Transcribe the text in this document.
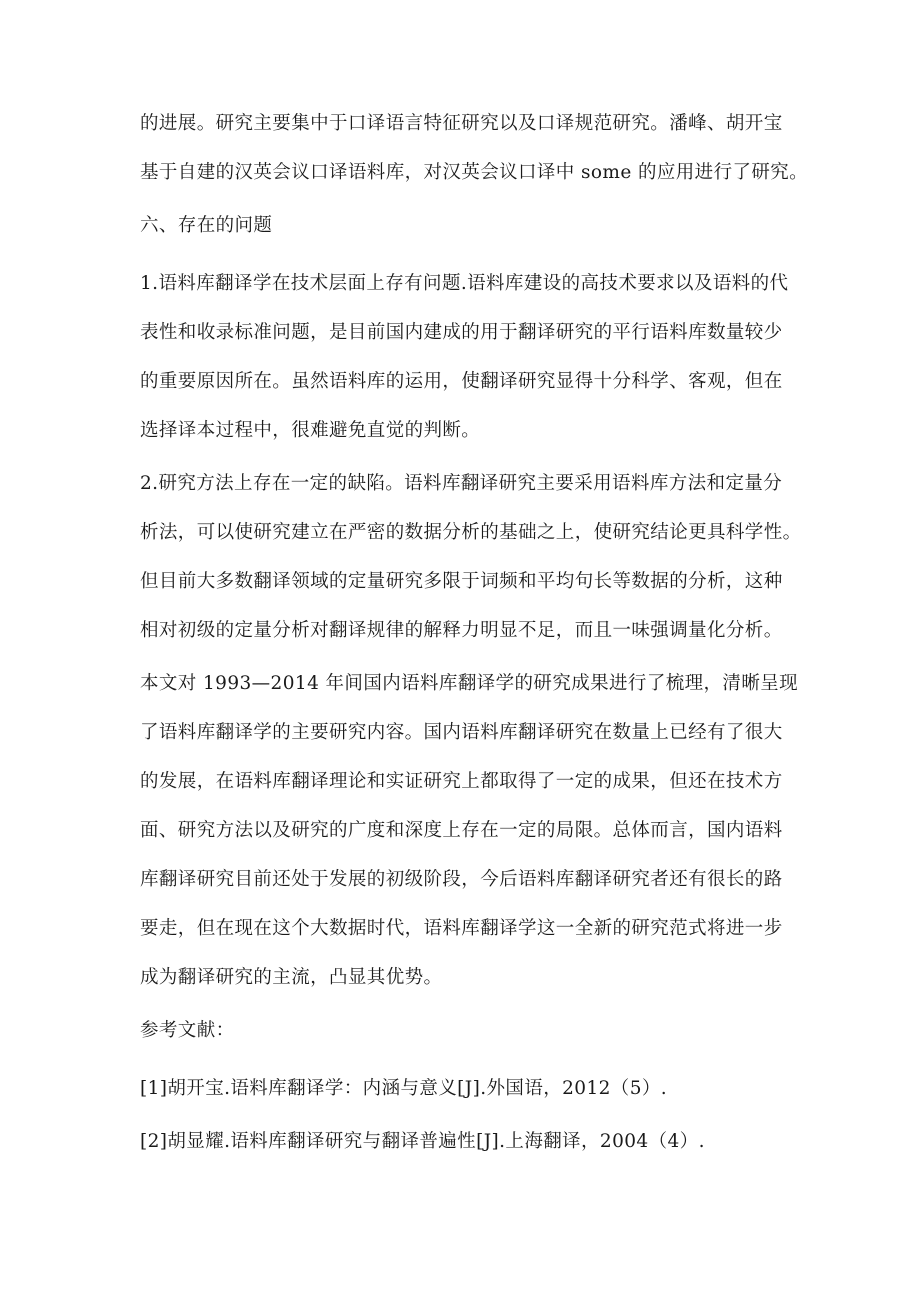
的进展。研究主要集中于口译语言特征研究以及口译规范研究。潘峰、胡开宝
基于自建的汉英会议口译语料库，对汉英会议口译中 some 的应用进行了研究。
六、存在的问题
1.语料库翻译学在技术层面上存有问题.语料库建设的高技术要求以及语料的代
表性和收录标准问题，是目前国内建成的用于翻译研究的平行语料库数量较少
的重要原因所在。虽然语料库的运用，使翻译研究显得十分科学、客观，但在
选择译本过程中，很难避免直觉的判断。
2.研究方法上存在一定的缺陷。语料库翻译研究主要采用语料库方法和定量分
析法，可以使研究建立在严密的数据分析的基础之上，使研究结论更具科学性。
但目前大多数翻译领域的定量研究多限于词频和平均句长等数据的分析，这种
相对初级的定量分析对翻译规律的解释力明显不足，而且一味强调量化分析。
本文对 1993—2014 年间国内语料库翻译学的研究成果进行了梳理，清晰呈现
了语料库翻译学的主要研究内容。国内语料库翻译研究在数量上已经有了很大
的发展，在语料库翻译理论和实证研究上都取得了一定的成果，但还在技术方
面、研究方法以及研究的广度和深度上存在一定的局限。总体而言，国内语料
库翻译研究目前还处于发展的初级阶段，今后语料库翻译研究者还有很长的路
要走，但在现在这个大数据时代，语料库翻译学这一全新的研究范式将进一步
成为翻译研究的主流，凸显其优势。
参考文献：
[1]胡开宝.语料库翻译学：内涵与意义[J].外国语，2012（5）.
[2]胡显耀.语料库翻译研究与翻译普遍性[J].上海翻译，2004（4）.
